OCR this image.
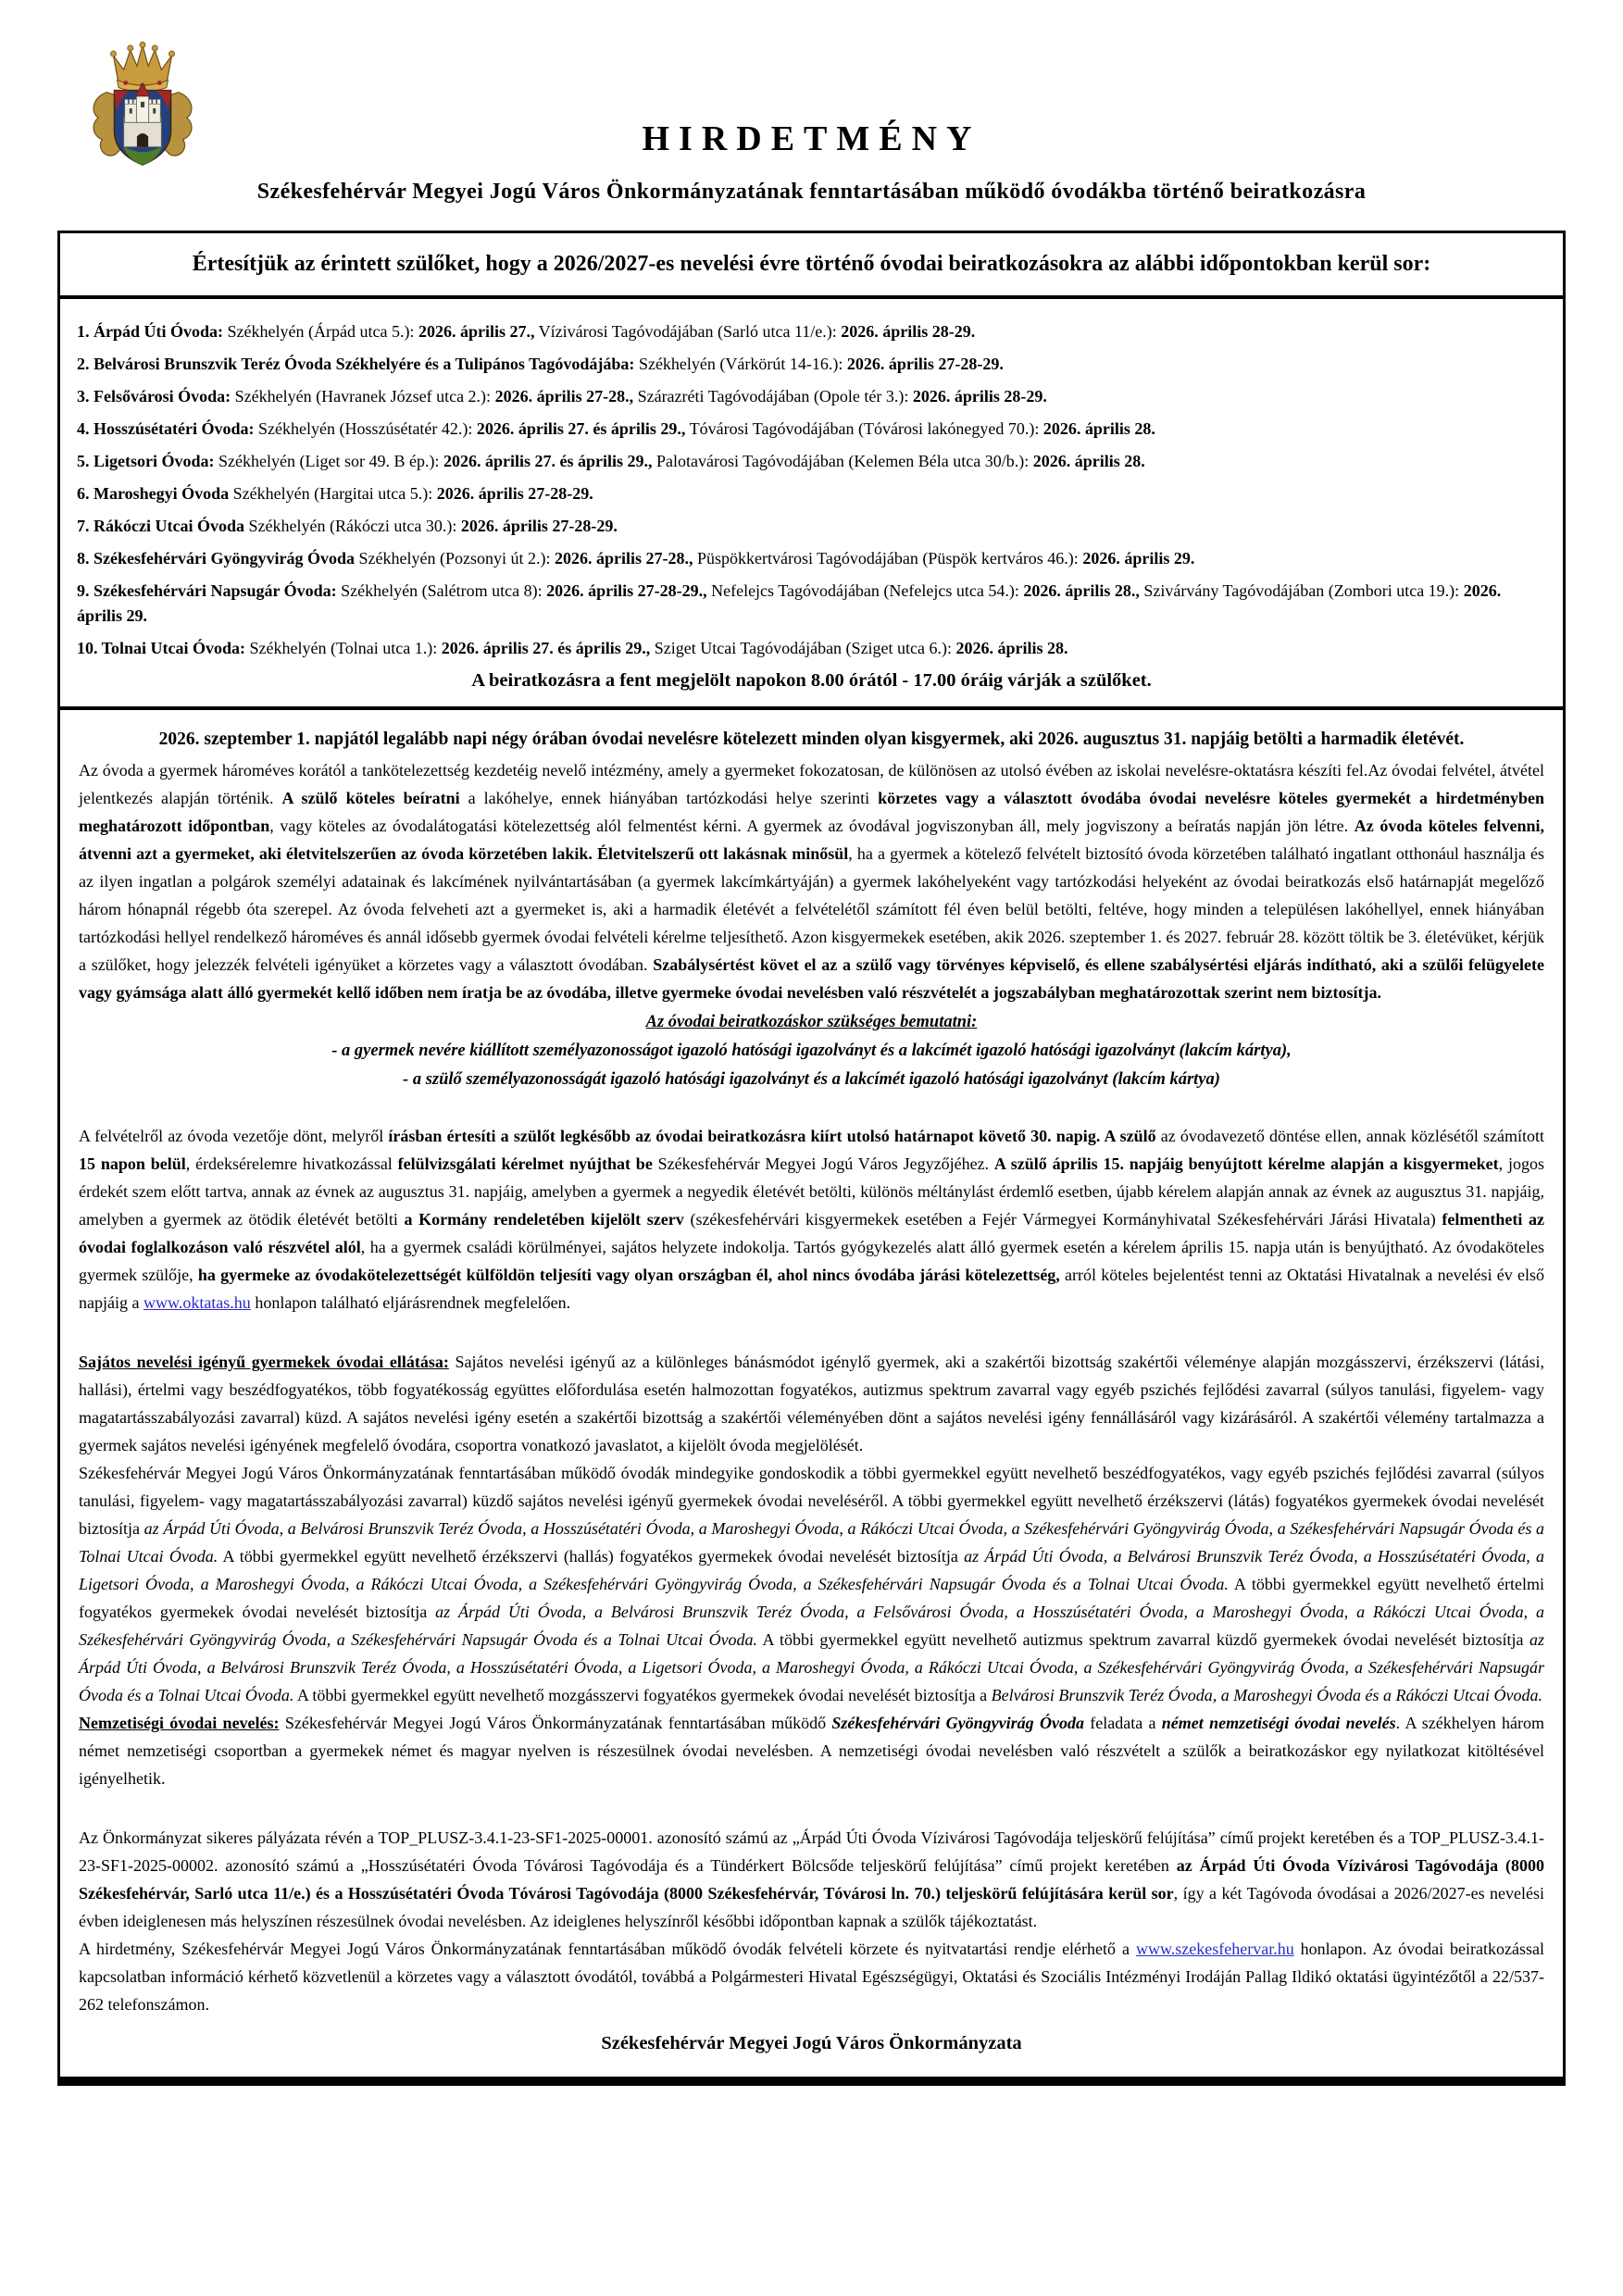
HIRDETMÉNY
Székesfehérvár Megyei Jogú Város Önkormányzatának fenntartásában működő óvodákba történő beiratkozásra

Értesítjük az érintett szülőket, hogy a 2026/2027-es nevelési évre történő óvodai beiratkozásokra az alábbi időpontokban kerül sor:

1. Árpád Úti Óvoda: Székhelyén (Árpád utca 5.): 2026. április 27., Vízivárosi Tagóvodájában (Sarló utca 11/e.): 2026. április 28-29.
2. Belvárosi Brunszvik Teréz Óvoda Székhelyére és a Tulipános Tagóvodájába: Székhelyén (Várkörút 14-16.): 2026. április 27-28-29.
3. Felsővárosi Óvoda: Székhelyén (Havranek József utca 2.): 2026. április 27-28., Szárazréti Tagóvodájában (Opole tér 3.): 2026. április 28-29.
4. Hosszúsétatéri Óvoda: Székhelyén (Hosszúsétatér 42.): 2026. április 27. és április 29., Tóvárosi Tagóvodájában (Tóvárosi lakónegyed 70.): 2026. április 28.
5. Ligetsori Óvoda: Székhelyén (Liget sor 49. B ép.): 2026. április 27. és április 29., Palotavárosi Tagóvodájában (Kelemen Béla utca 30/b.): 2026. április 28.
6. Maroshegyi Óvoda Székhelyén (Hargitai utca 5.): 2026. április 27-28-29.
7. Rákóczi Utcai Óvoda Székhelyén (Rákóczi utca 30.): 2026. április 27-28-29.
8. Székesfehérvári Gyöngyvirág Óvoda Székhelyén (Pozsonyi út 2.): 2026. április 27-28., Püspökkertvárosi Tagóvodájában (Püspök kertváros 46.): 2026. április 29.
9. Székesfehérvári Napsugár Óvoda: Székhelyén (Salétrom utca 8): 2026. április 27-28-29., Nefelejcs Tagóvodájában (Nefelejcs utca 54.): 2026. április 28., Szivárvány Tagóvodájában (Zombori utca 19.): 2026. április 29.
10. Tolnai Utcai Óvoda: Székhelyén (Tolnai utca 1.): 2026. április 27. és április 29., Sziget Utcai Tagóvodájában (Sziget utca 6.): 2026. április 28.

A beiratkozásra a fent megjelölt napokon 8.00 órától - 17.00 óráig várják a szülőket.

2026. szeptember 1. napjától legalább napi négy órában óvodai nevelésre kötelezett minden olyan kisgyermek, aki 2026. augusztus 31. napjáig betölti a harmadik életévét.

Az óvoda a gyermek hároméves korától a tankötelezettség kezdetéig nevelő intézmény, amely a gyermeket fokozatosan, de különösen az utolsó évében az iskolai nevelésre-oktatásra készíti fel.Az óvodai felvétel, átvétel jelentkezés alapján történik. A szülő köteles beíratni a lakóhelye, ennek hiányában tartózkodási helye szerinti körzetes vagy a választott óvodába óvodai nevelésre köteles gyermekét a hirdetményben meghatározott időpontban, vagy köteles az óvodalátogatási kötelezettség alól felmentést kérni. A gyermek az óvodával jogviszonyban áll, mely jogviszony a beíratás napján jön létre. Az óvoda köteles felvenni, átvenni azt a gyermeket, aki életvitelszerűen az óvoda körzetében lakik. Életvitelszerű ott lakásnak minősül, ha a gyermek a kötelező felvételt biztosító óvoda körzetében található ingatlant otthonául használja és az ilyen ingatlan a polgárok személyi adatainak és lakcímének nyilvántartásában (a gyermek lakcímkártyáján) a gyermek lakóhelyeként vagy tartózkodási helyeként az óvodai beiratkozás első határnapját megelőző három hónapnál régebb óta szerepel. Az óvoda felveheti azt a gyermeket is, aki a harmadik életévét a felvételétől számított fél éven belül betölti, feltéve, hogy minden a településen lakóhellyel, ennek hiányában tartózkodási hellyel rendelkező hároméves és annál idősebb gyermek óvodai felvételi kérelme teljesíthető. Azon kisgyermekek esetében, akik 2026. szeptember 1. és 2027. február 28. között töltik be 3. életévüket, kérjük a szülőket, hogy jelezzék felvételi igényüket a körzetes vagy a választott óvodában. Szabálysértést követ el az a szülő vagy törvényes képviselő, és ellene szabálysértési eljárás indítható, aki a szülői felügyelete vagy gyámsága alatt álló gyermekét kellő időben nem íratja be az óvodába, illetve gyermeke óvodai nevelésben való részvételét a jogszabályban meghatározottak szerint nem biztosítja.

Az óvodai beiratkozáskor szükséges bemutatni:

- a gyermek nevére kiállított személyazonosságot igazoló hatósági igazolványt és a lakcímét igazoló hatósági igazolványt (lakcím kártya),

- a szülő személyazonosságát igazoló hatósági igazolványt és a lakcímét igazoló hatósági igazolványt (lakcím kártya)

A felvételről az óvoda vezetője dönt, melyről írásban értesíti a szülőt legkésőbb az óvodai beiratkozásra kiírt utolsó határnapot követő 30. napig. A szülő az óvodavezető döntése ellen, annak közlésétől számított 15 napon belül, érdeksérelemre hivatkozással felülvizsgálati kérelmet nyújthat be Székesfehérvár Megyei Jogú Város Jegyzőjéhez. A szülő április 15. napjáig benyújtott kérelme alapján a kisgyermeket, jogos érdekét szem előtt tartva, annak az évnek az augusztus 31. napjáig, amelyben a gyermek a negyedik életévét betölti, különös méltánylást érdemlő esetben, újabb kérelem alapján annak az évnek az augusztus 31. napjáig, amelyben a gyermek az ötödik életévét betölti a Kormány rendeletében kijelölt szerv (székesfehérvári kisgyermekek esetében a Fejér Vármegyei Kormányhivatal Székesfehérvári Járási Hivatala) felmentheti az óvodai foglalkozáson való részvétel alól, ha a gyermek családi körülményei, sajátos helyzete indokolja. Tartós gyógykezelés alatt álló gyermek esetén a kérelem április 15. napja után is benyújtható. Az óvodaköteles gyermek szülője, ha gyermeke az óvodakötelezettségét külföldön teljesíti vagy olyan országban él, ahol nincs óvodába járási kötelezettség, arról köteles bejelentést tenni az Oktatási Hivatalnak a nevelési év első napjáig a www.oktatas.hu honlapon található eljárásrendnek megfelelően.

Sajátos nevelési igényű gyermekek óvodai ellátása: Sajátos nevelési igényű az a különleges bánásmódot igénylő gyermek, aki a szakértői bizottság szakértői véleménye alapján mozgásszervi, érzékszervi (látási, hallási), értelmi vagy beszédfogyatékos, több fogyatékosság együttes előfordulása esetén halmozottan fogyatékos, autizmus spektrum zavarral vagy egyéb pszichés fejlődési zavarral (súlyos tanulási, figyelem- vagy magatartásszabályozási zavarral) küzd. A sajátos nevelési igény esetén a szakértői bizottság a szakértői véleményében dönt a sajátos nevelési igény fennállásáról vagy kizárásáról. A szakértői vélemény tartalmazza a gyermek sajátos nevelési igényének megfelelő óvodára, csoportra vonatkozó javaslatot, a kijelölt óvoda megjelölését.
Székesfehérvár Megyei Jogú Város Önkormányzatának fenntartásában működő óvodák mindegyike gondoskodik a többi gyermekkel együtt nevelhető beszédfogyatékos, vagy egyéb pszichés fejlődési zavarral (súlyos tanulási, figyelem- vagy magatartásszabályozási zavarral) küzdő sajátos nevelési igényű gyermekek óvodai neveléséről. A többi gyermekkel együtt nevelhető érzékszervi (látás) fogyatékos gyermekek óvodai nevelését biztosítja az Árpád Úti Óvoda, a Belvárosi Brunszvik Teréz Óvoda, a Hosszúsétatéri Óvoda, a Maroshegyi Óvoda, a Rákóczi Utcai Óvoda, a Székesfehérvári Gyöngyvirág Óvoda, a Székesfehérvári Napsugár Óvoda és a Tolnai Utcai Óvoda. A többi gyermekkel együtt nevelhető érzékszervi (hallás) fogyatékos gyermekek óvodai nevelését biztosítja az Árpád Úti Óvoda, a Belvárosi Brunszvik Teréz Óvoda, a Hosszúsétatéri Óvoda, a Ligetsori Óvoda, a Maroshegyi Óvoda, a Rákóczi Utcai Óvoda, a Székesfehérvári Gyöngyvirág Óvoda, a Székesfehérvári Napsugár Óvoda és a Tolnai Utcai Óvoda. A többi gyermekkel együtt nevelhető értelmi fogyatékos gyermekek óvodai nevelését biztosítja az Árpád Úti Óvoda, a Belvárosi Brunszvik Teréz Óvoda, a Felsővárosi Óvoda, a Hosszúsétatéri Óvoda, a Maroshegyi Óvoda, a Rákóczi Utcai Óvoda, a Székesfehérvári Gyöngyvirág Óvoda, a Székesfehérvári Napsugár Óvoda és a Tolnai Utcai Óvoda. A többi gyermekkel együtt nevelhető autizmus spektrum zavarral küzdő gyermekek óvodai nevelését biztosítja az Árpád Úti Óvoda, a Belvárosi Brunszvik Teréz Óvoda, a Hosszúsétatéri Óvoda, a Ligetsori Óvoda, a Maroshegyi Óvoda, a Rákóczi Utcai Óvoda, a Székesfehérvári Gyöngyvirág Óvoda, a Székesfehérvári Napsugár Óvoda és a Tolnai Utcai Óvoda. A többi gyermekkel együtt nevelhető mozgásszervi fogyatékos gyermekek óvodai nevelését biztosítja a Belvárosi Brunszvik Teréz Óvoda, a Maroshegyi Óvoda és a Rákóczi Utcai Óvoda.

Nemzetiségi óvodai nevelés: Székesfehérvár Megyei Jogú Város Önkormányzatának fenntartásában működő Székesfehérvári Gyöngyvirág Óvoda feladata a német nemzetiségi óvodai nevelés. A székhelyen három német nemzetiségi csoportban a gyermekek német és magyar nyelven is részesülnek óvodai nevelésben. A nemzetiségi óvodai nevelésben való részvételt a szülők a beiratkozáskor egy nyilatkozat kitöltésével igényelhetik.

Az Önkormányzat sikeres pályázata révén a TOP_PLUSZ-3.4.1-23-SF1-2025-00001. azonosító számú az „Árpád Úti Óvoda Vízivárosi Tagóvodája teljeskörű felújítása” című projekt keretében és a TOP_PLUSZ-3.4.1-23-SF1-2025-00002. azonosító számú a „Hosszúsétatéri Óvoda Tóvárosi Tagóvodája és a Tündérkert Bölcsőde teljeskörű felújítása” című projekt keretében az Árpád Úti Óvoda Vízivárosi Tagóvodája (8000 Székesfehérvár, Sarló utca 11/e.) és a Hosszúsétatéri Óvoda Tóvárosi Tagóvodája (8000 Székesfehérvár, Tóvárosi ln. 70.) teljeskörű felújítására kerül sor, így a két Tagóvoda óvodásai a 2026/2027-es nevelési évben ideiglenesen más helyszínen részesülnek óvodai nevelésben. Az ideiglenes helyszínről későbbi időpontban kapnak a szülők tájékoztatást.

A hirdetmény, Székesfehérvár Megyei Jogú Város Önkormányzatának fenntartásában működő óvodák felvételi körzete és nyitvatartási rendje elérhető a www.szekesfehervar.hu honlapon. Az óvodai beiratkozással kapcsolatban információ kérhető közvetlenül a körzetes vagy a választott óvodától, továbbá a Polgármesteri Hivatal Egészségügyi, Oktatási és Szociális Intézményi Irodáján Pallag Ildikó oktatási ügyintézőtől a 22/537-262 telefonszámon.

Székesfehérvár Megyei Jogú Város Önkormányzata
